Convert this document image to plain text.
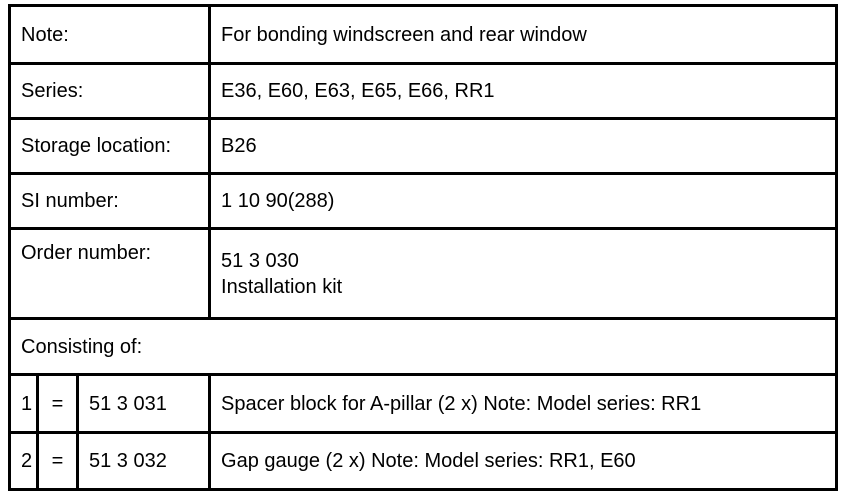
Note:			For bonding windscreen and rear window
Series:			E36, E60, E63, E65, E66, RR1
Storage location:			B26
SI number:			1 10 90(288)
Order number:			51 3 030
Installation kit

Consisting of:			
1	=	51 3 031	Spacer block for A-pillar (2 x) Note: Model series: RR1
2	=	51 3 032	Gap gauge (2 x) Note: Model series: RR1, E60
